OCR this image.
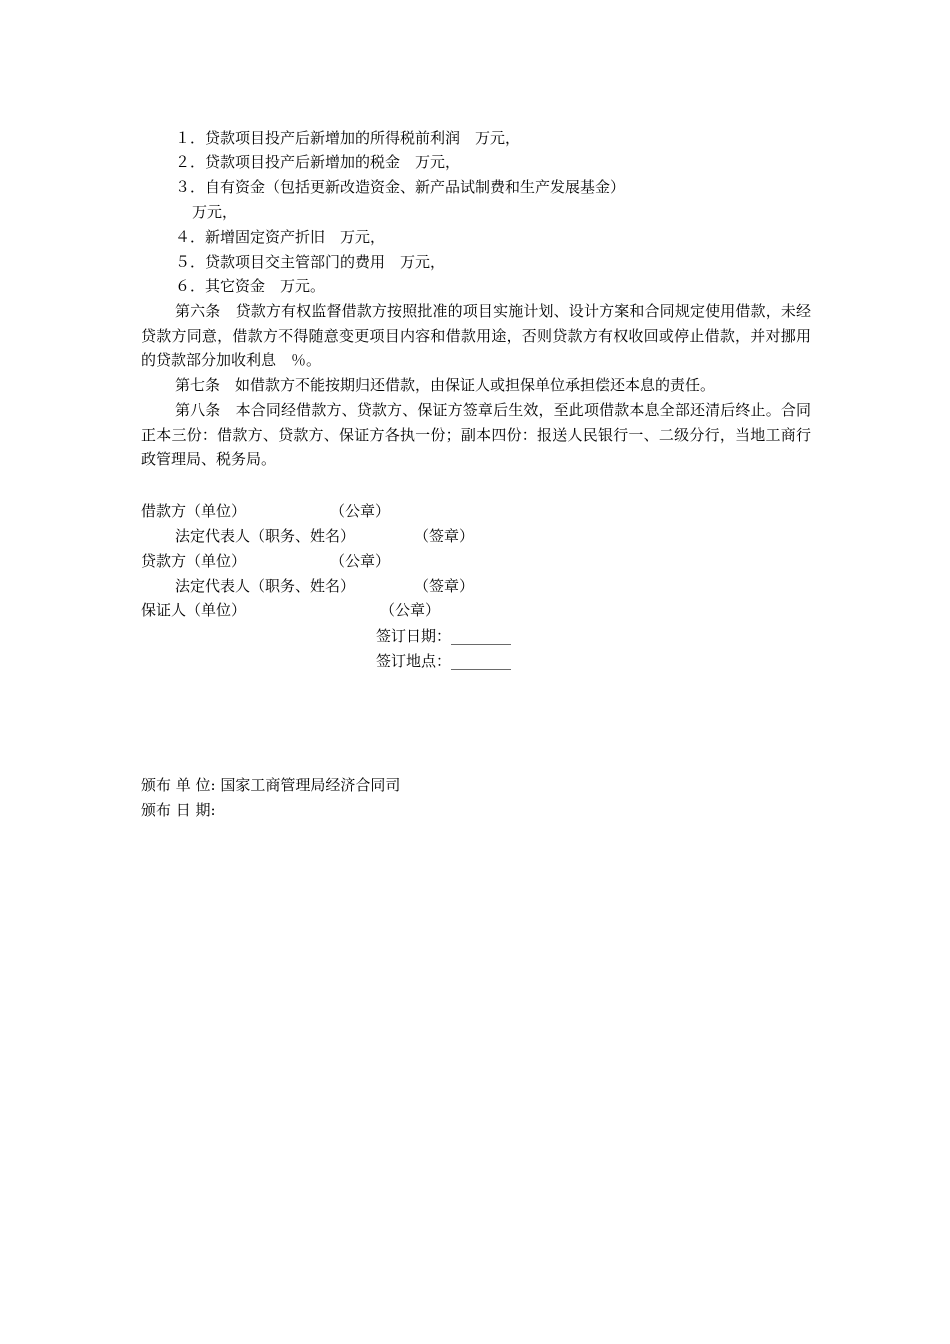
１．贷款项目投产后新增加的所得税前利润　万元，
２．贷款项目投产后新增加的税金　万元，
３．自有资金（包括更新改造资金、新产品试制费和生产发展基金）
万元，
４．新增固定资产折旧　万元，
５．贷款项目交主管部门的费用　万元，
６．其它资金　万元。
第六条　贷款方有权监督借款方按照批准的项目实施计划、设计方案和合同规定使用借款，未经贷款方同意，借款方不得随意变更项目内容和借款用途，否则贷款方有权收回或停止借款，并对挪用的贷款部分加收利息　％。
第七条　如借款方不能按期归还借款，由保证人或担保单位承担偿还本息的责任。
第八条　本合同经借款方、贷款方、保证方签章后生效，至此项借款本息全部还清后终止。合同正本三份：借款方、贷款方、保证方各执一份；副本四份：报送人民银行一、二级分行，当地工商行政管理局、税务局。
借款方（单位）	（公章）
法定代表人（职务、姓名）	（签章）
贷款方（单位）	（公章）
法定代表人（职务、姓名）	（签章）
保证人（单位）	（公章）
签订日期：________
签订地点：________
颁布 单 位: 国家工商管理局经济合同司
颁布 日 期:
